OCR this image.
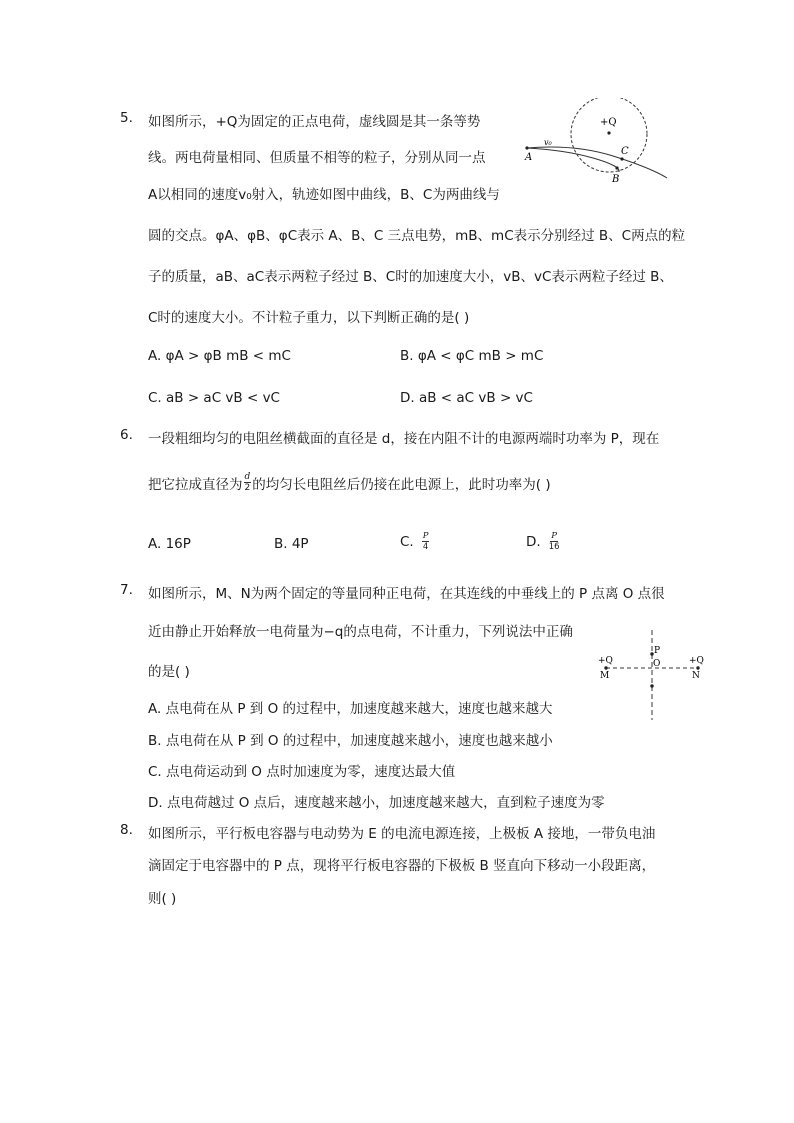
5. 如图所示，+Q为固定的正点电荷，虚线圆是其一条等势
线。两电荷量相同、但质量不相等的粒子，分别从同一点
A以相同的速度v₀射入，轨迹如图中曲线，B、C为两曲线与
圆的交点。φA、φB、φC表示 A、B、C 三点电势，mB、mC表示分别经过 B、C两点的粒
子的质量，aB、aC表示两粒子经过 B、C时的加速度大小，vB、vC表示两粒子经过 B、
C时的速度大小。不计粒子重力，以下判断正确的是( )
A. φA > φB mB < mC	B. φA < φC mB > mC
C. aB > aC vB < vC	D. aB < aC vB > vC
+Q
A
v₀
C
B
6. 一段粗细均匀的电阻丝横截面的直径是 d，接在内阻不计的电源两端时功率为 P，现在
把它拉成直径为 $\frac{d}{2}$ 的均匀长电阻丝后仍接在此电源上，此时功率为( )
A. 16P	B. 4P	C. $\frac{P}{4}$	D. $\frac{P}{16}$
7. 如图所示，M、N为两个固定的等量同种正电荷，在其连线的中垂线上的 P 点离 O 点很
近由静止开始释放一电荷量为−q的点电荷，不计重力，下列说法中正确
的是( )
A. 点电荷在从 P 到 O 的过程中，加速度越来越大，速度也越来越大
B. 点电荷在从 P 到 O 的过程中，加速度越来越小，速度也越来越小
C. 点电荷运动到 O 点时加速度为零，速度达最大值
D. 点电荷越过 O 点后，速度越来越小，加速度越来越大，直到粒子速度为零
+Q	+Q
M	N
P
O
8. 如图所示，平行板电容器与电动势为 E 的电流电源连接，上极板 A 接地，一带负电油
滴固定于电容器中的 P 点，现将平行板电容器的下极板 B 竖直向下移动一小段距离，
则( )
